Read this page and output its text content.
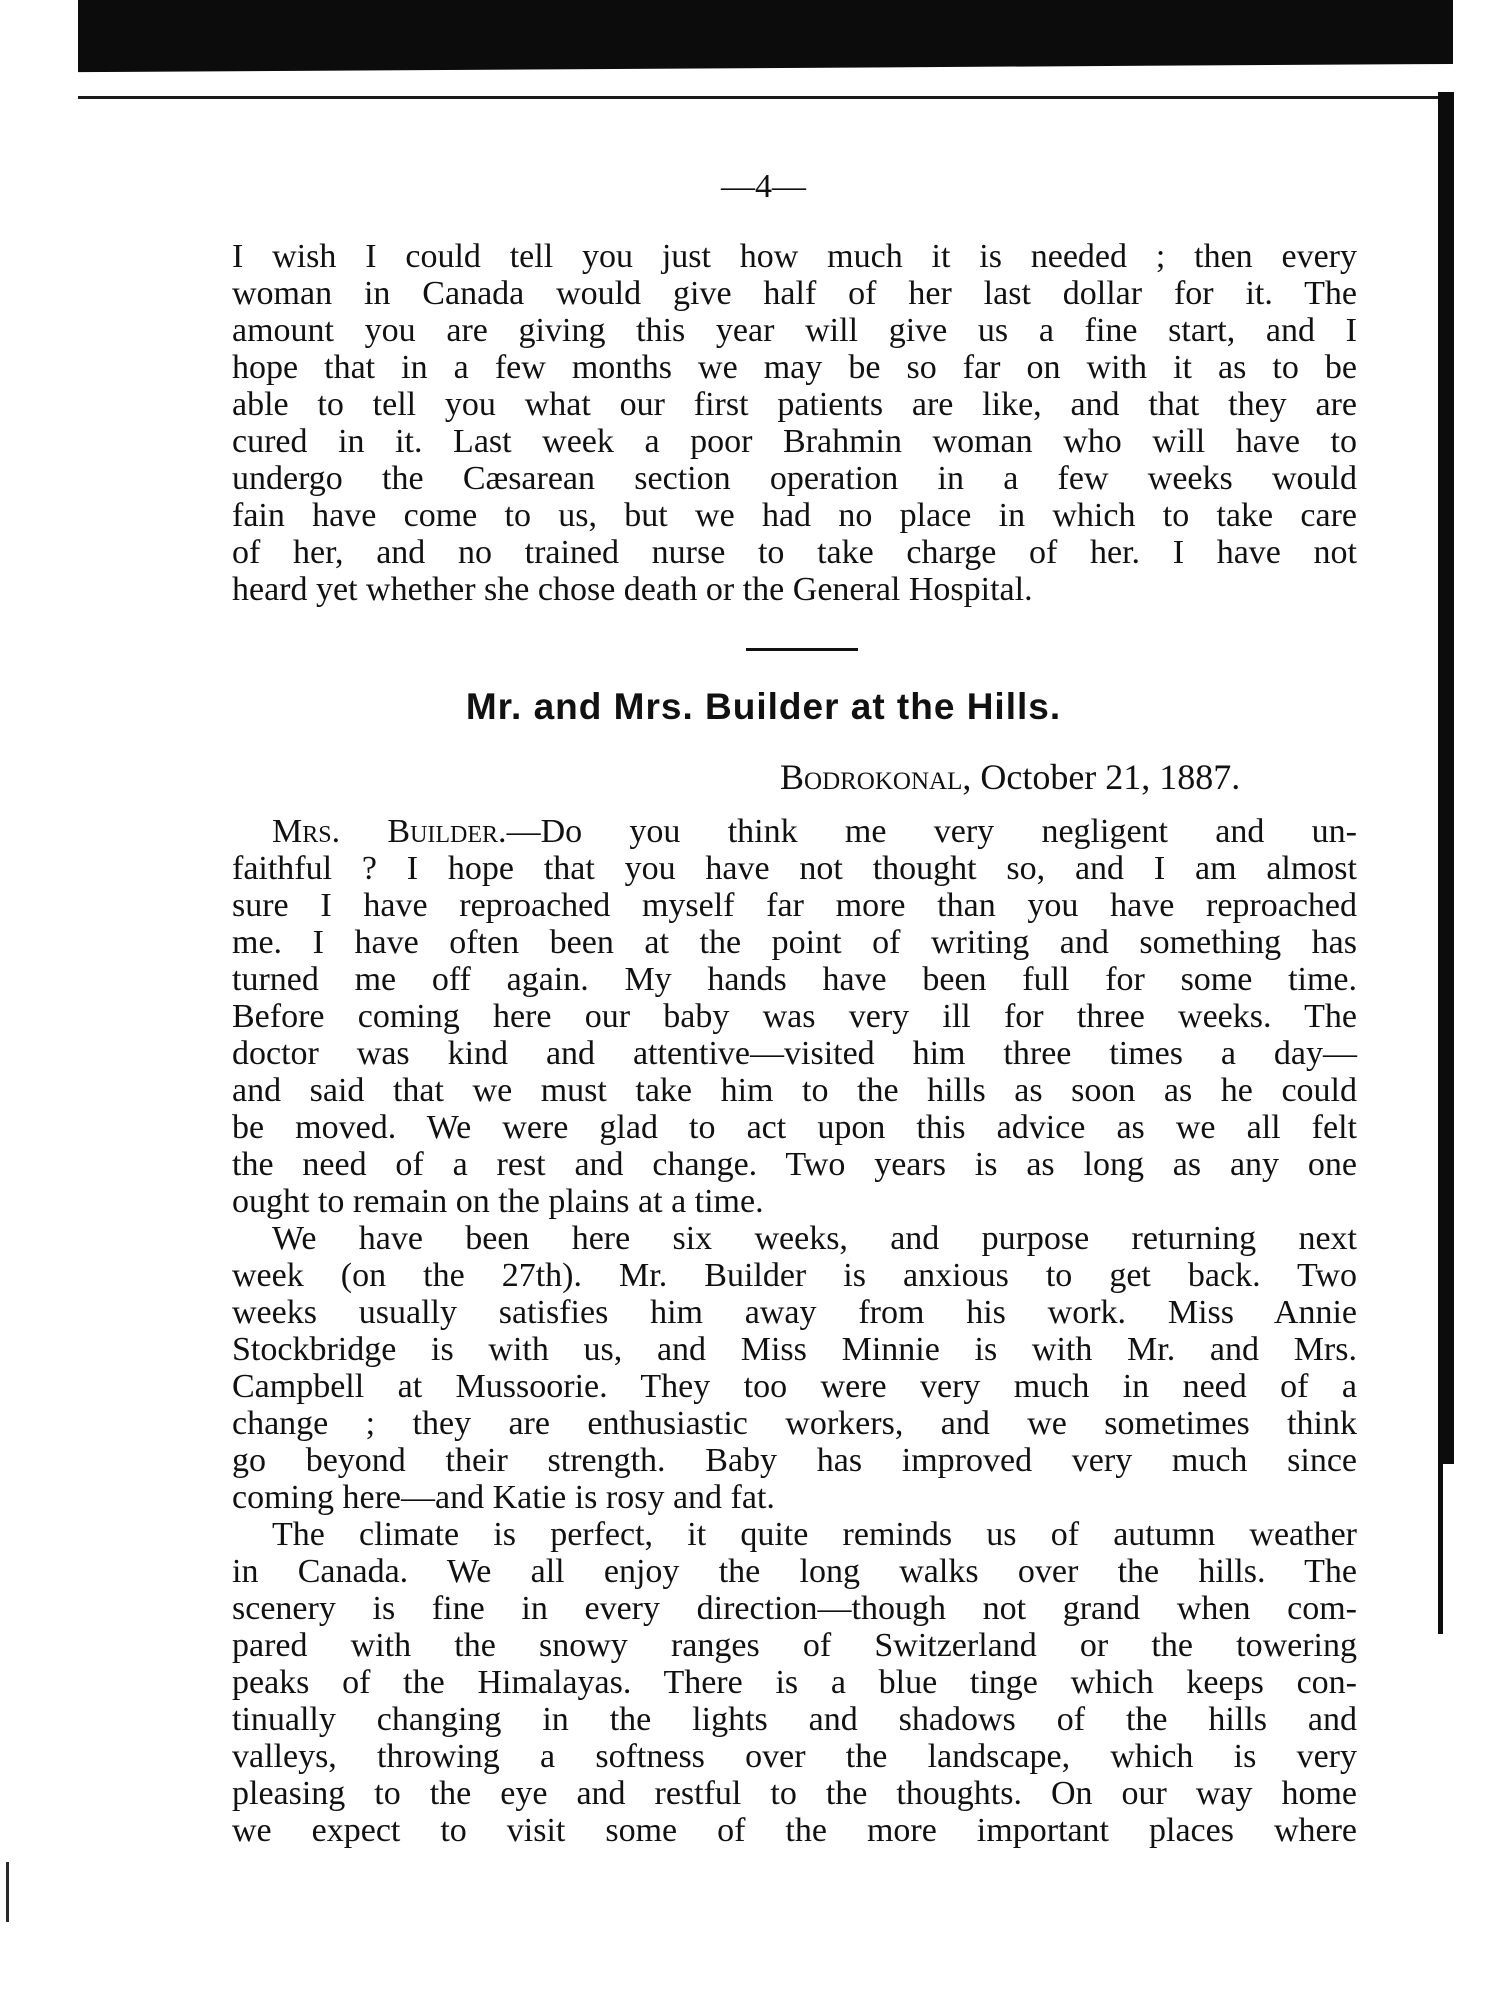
—4—

I wish I could tell you just how much it is needed ; then every
woman in Canada would give half of her last dollar for it. The
amount you are giving this year will give us a fine start, and I
hope that in a few months we may be so far on with it as to be
able to tell you what our first patients are like, and that they are
cured in it. Last week a poor Brahmin woman who will have to
undergo the Cæsarean section operation in a few weeks would
fain have come to us, but we had no place in which to take care
of her, and no trained nurse to take charge of her. I have not
heard yet whether she chose death or the General Hospital.

Mr. and Mrs. Builder at the Hills.
Bodrokonal, October 21, 1887.

Mrs. Builder.—Do you think me very negligent and un-
faithful ? I hope that you have not thought so, and I am almost
sure I have reproached myself far more than you have reproached
me. I have often been at the point of writing and something has
turned me off again. My hands have been full for some time.
Before coming here our baby was very ill for three weeks. The
doctor was kind and attentive—visited him three times a day—
and said that we must take him to the hills as soon as he could
be moved. We were glad to act upon this advice as we all felt
the need of a rest and change. Two years is as long as any one
ought to remain on the plains at a time.

We have been here six weeks, and purpose returning next
week (on the 27th). Mr. Builder is anxious to get back. Two
weeks usually satisfies him away from his work. Miss Annie
Stockbridge is with us, and Miss Minnie is with Mr. and Mrs.
Campbell at Mussoorie. They too were very much in need of a
change ; they are enthusiastic workers, and we sometimes think
go beyond their strength. Baby has improved very much since
coming here—and Katie is rosy and fat.

The climate is perfect, it quite reminds us of autumn weather
in Canada. We all enjoy the long walks over the hills. The
scenery is fine in every direction—though not grand when com-
pared with the snowy ranges of Switzerland or the towering
peaks of the Himalayas. There is a blue tinge which keeps con-
tinually changing in the lights and shadows of the hills and
valleys, throwing a softness over the landscape, which is very
pleasing to the eye and restful to the thoughts. On our way home
we expect to visit some of the more important places where
